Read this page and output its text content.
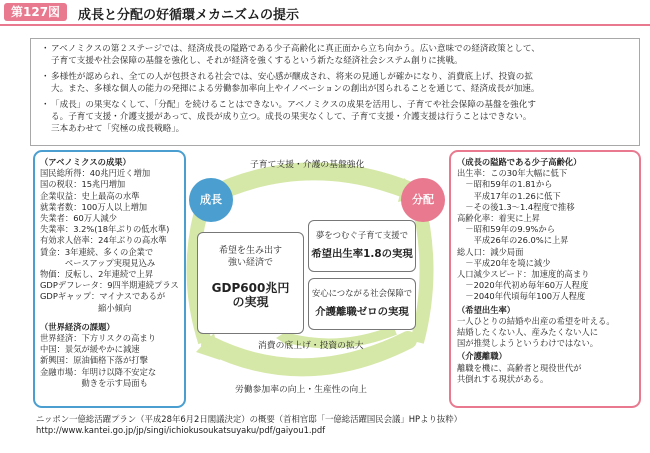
第127図	成長と分配の好循環メカニズムの提示
・ アベノミクスの第２ステージでは、経済成長の隘路である少子高齢化に真正面から立ち向かう。広い意味での経済政策として、
子育て支援や社会保障の基盤を強化し、それが経済を強くするという新たな経済社会システム創りに挑戦。
・ 多様性が認められ、全ての人が包摂される社会では、安心感が醸成され、将来の見通しが確かになり、消費底上げ、投資の拡
大。また、多様な個人の能力の発揮による労働参加率向上やイノベーションの創出が図られることを通じて、経済成長が加速。
・ 「成長」の果実なくして、「分配」を続けることはできない。アベノミクスの成果を活用し、子育てや社会保障の基盤を強化す
る。子育て支援・介護支援があって、成長が成り立つ。成長の果実なくして、子育て支援・介護支援は行うことはできない。
三本あわせて「究極の成長戦略」。
成長	分配
子育て支援・介護の基盤強化
消費の底上げ・投資の拡大
労働参加率の向上・生産性の向上
希望を生み出す
強い経済で
GDP600兆円
の実現
夢をつむぐ子育て支援で
希望出生率1.8の実現
安心につながる社会保障で
介護離職ゼロの実現
（アベノミクスの成果）
国民総所得：40兆円近く増加
国の税収：15兆円増加
企業収益：史上最高の水準
就業者数：100万人以上増加
失業者：60万人減少
失業率：3.2%(18年ぶりの低水準)
有効求人倍率：24年ぶりの高水準
賃金：3年連続、多くの企業で
　　　ベースアップ実現見込み
物価：反転し、2年連続で上昇
GDPデフレータ：9四半期連続プラス
GDPギャップ：マイナスであるが
　　　　　　　縮小傾向
（世界経済の課題）
世界経済：下方リスクの高まり
中国：景気が緩やかに減速
新興国：原油価格下落が打撃
金融市場：年明け以降不安定な
　　　　　動きを示す局面も
（成長の隘路である少子高齢化）
出生率：この30年大幅に低下
　－昭和59年の1.81から
　　平成17年の1.26に低下
　－その後1.3～1.4程度で推移
高齢化率：着実に上昇
　－昭和59年の9.9%から
　　平成26年の26.0%に上昇
総人口：減少局面
　－平成20年を境に減少
人口減少スピード：加速度的高まり
　－2020年代初め毎年60万人程度
　－2040年代頃毎年100万人程度
（希望出生率）
一人ひとりの結婚や出産の希望を叶える。
結婚したくない人、産みたくない人に
国が推奨しようというわけではない。
（介護離職）
離職を機に、高齢者と現役世代が
共倒れする現状がある。
ニッポン一億総活躍プラン（平成28年6月2日閣議決定）の概要（首相官邸「一億総活躍国民会議」HPより抜粋）
http://www.kantei.go.jp/jp/singi/ichiokusoukatsuyaku/pdf/gaiyou1.pdf
